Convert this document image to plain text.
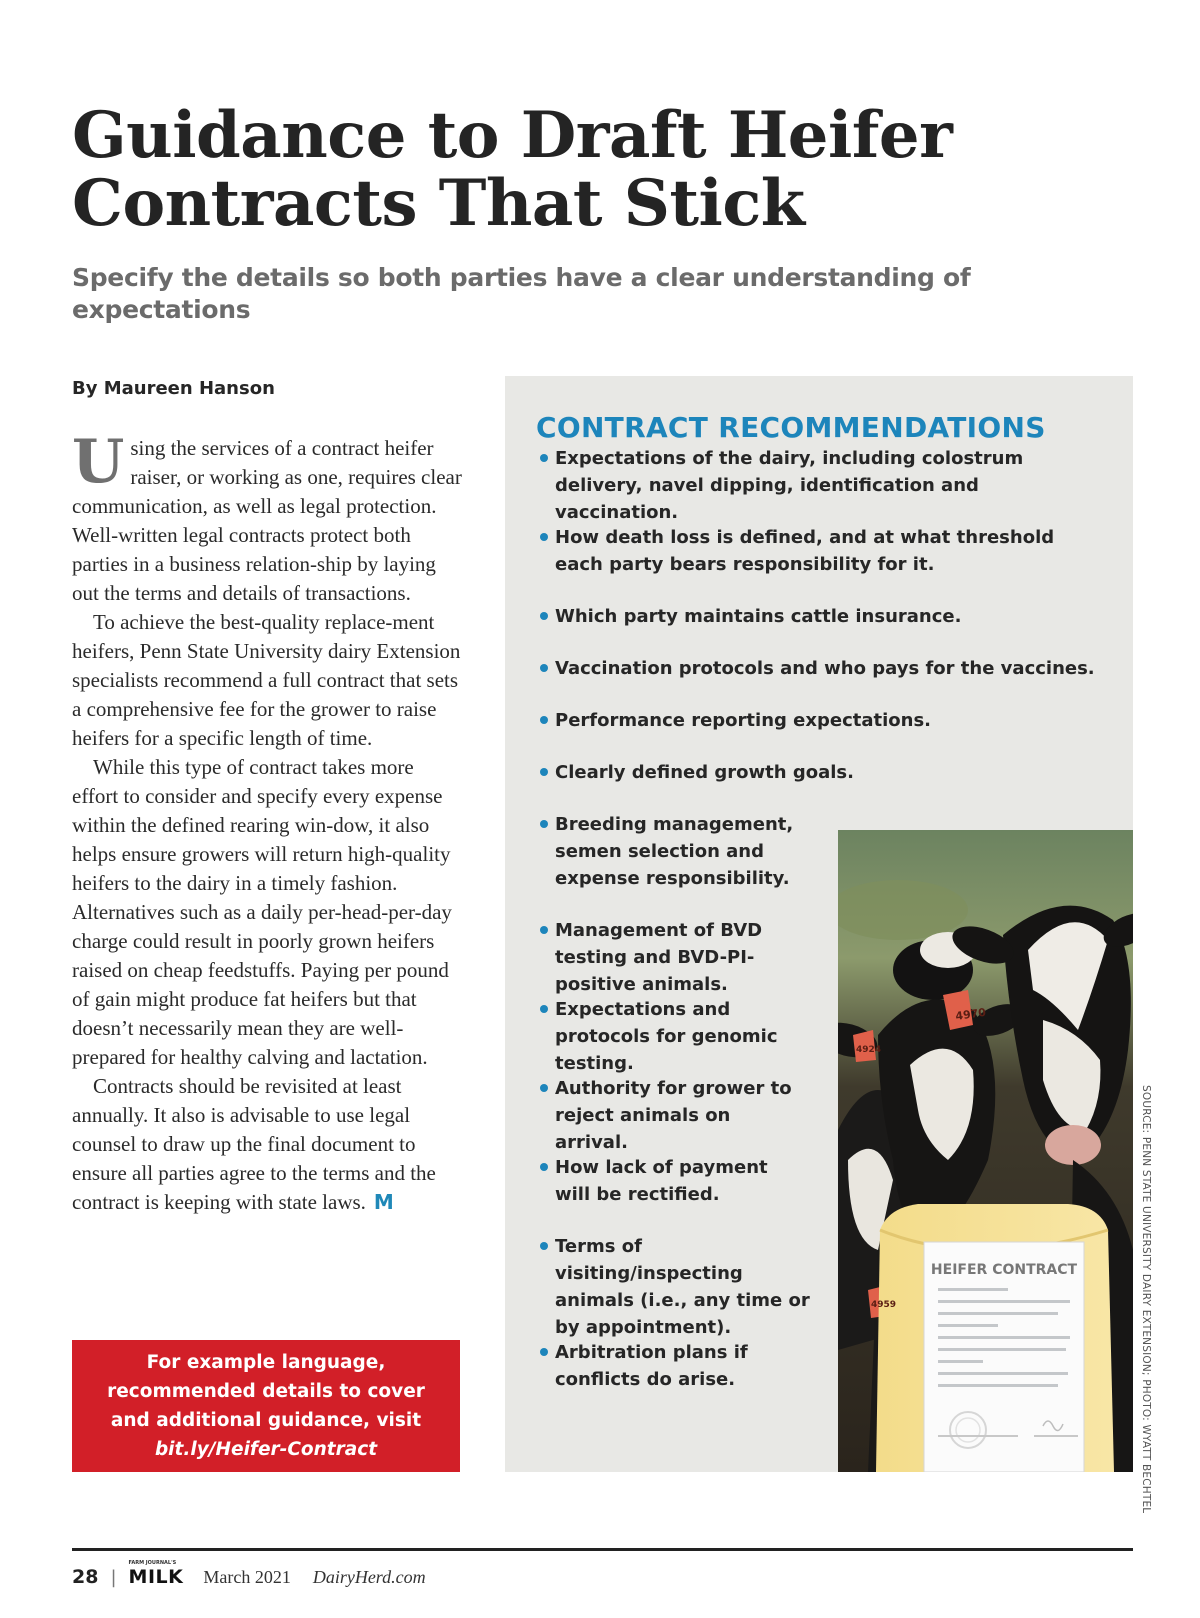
Guidance to Draft Heifer
Contracts That Stick

Specify the details so both parties have a clear understanding of expectations

By Maureen Hanson

Using the services of a contract heifer raiser, or working as one, requires clear communication, as well as legal protection. Well-written legal contracts protect both parties in a business relation-ship by laying out the terms and details of transactions.

To achieve the best-quality replace-ment heifers, Penn State University dairy Extension specialists recommend a full contract that sets a comprehensive fee for the grower to raise heifers for a specific length of time.

While this type of contract takes more effort to consider and specify every expense within the defined rearing win-dow, it also helps ensure growers will return high-quality heifers to the dairy in a timely fashion. Alternatives such as a daily per-head-per-day charge could result in poorly grown heifers raised on cheap feedstuffs. Paying per pound of gain might produce fat heifers but that doesn’t necessarily mean they are well-prepared for healthy calving and lactation.

Contracts should be revisited at least annually. It also is advisable to use legal counsel to draw up the final document to ensure all parties agree to the terms and the contract is keeping with state laws. M

For example language, recommended details to cover and additional guidance, visit bit.ly/Heifer-Contract
CONTRACT RECOMMENDATIONS
HEIFER CONTRACT
4970
4924
4959
Expectations of the dairy, including colostrum delivery, navel dipping, identification and vaccination.
How death loss is defined, and at what threshold each party bears responsibility for it.
Which party maintains cattle insurance.
Vaccination protocols and who pays for the vaccines.
Performance reporting expectations.
Clearly defined growth goals.
Breeding management, semen selection and expense responsibility.
Management of BVD testing and BVD-PI-positive animals.
Expectations and protocols for genomic testing.
Authority for grower to reject animals on arrival.
How lack of payment will be rectified.
Terms of visiting/inspecting animals (i.e., any time or by appointment).
Arbitration plans if conflicts do arise.	SOURCE: PENN STATE UNIVERSITY DAIRY EXTENSION; PHOTO: WYATT BECHTEL
28 |
FARM JOURNAL'S
MILK March 2021 DairyHerd.com
